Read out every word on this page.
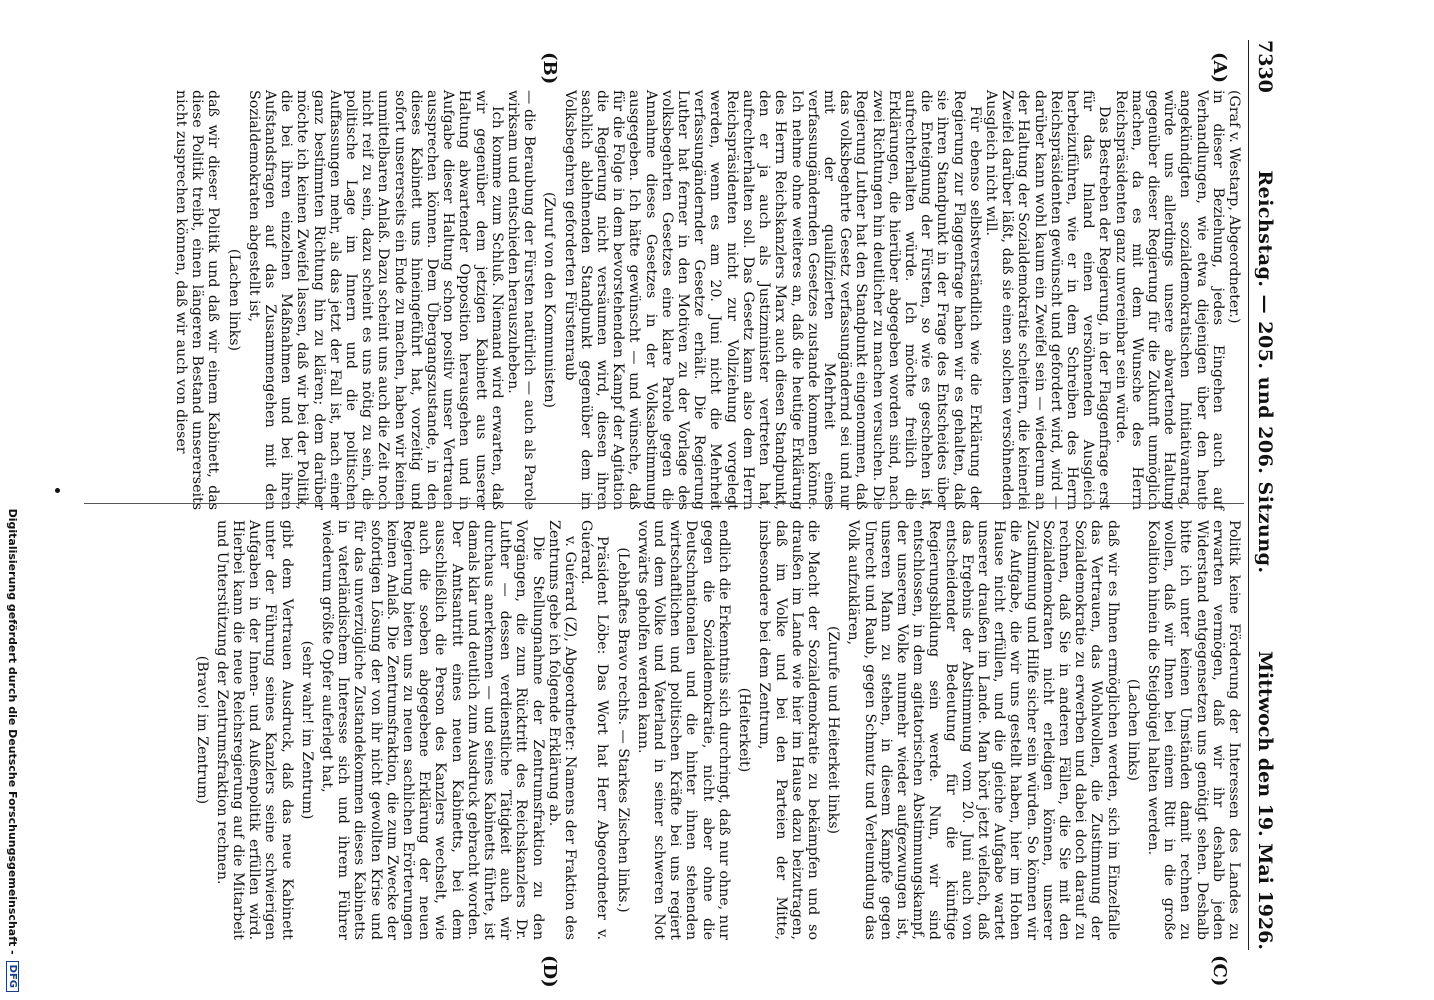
7330
Reichstag. — 205. und 206. Sitzung.
Mittwoch den 19. Mai 1926.
(A)
(B)
(C)
(D)

(Graf v. Westarp, Abgeordneter.)

in dieser Beziehung, jedes Eingehen auch auf Verhandlungen, wie etwa diejenigen über den heute angekündigten sozialdemokratischen Initiativantrag, würde uns allerdings unsere abwartende Haltung gegenüber dieser Regierung für die Zukunft unmöglich machen, da es mit dem Wunsche des Herrn Reichspräsidenten ganz unvereinbar sein würde.

Das Bestreben der Regierung, in der Flaggenfrage erst für das Inland einen versöhnenden Ausgleich herbeizuführen, wie er in dem Schreiben des Herrn Reichspräsidenten gewünscht und gefordert wird, wird — darüber kann wohl kaum ein Zweifel sein — wiederum an der Haltung der Sozialdemokratie scheitern, die keinerlei Zweifel darüber läßt, daß sie einen solchen versöhnenden Ausgleich nicht will.

Für ebenso selbstverständlich wie die Erklärung der Regierung zur Flaggenfrage haben wir es gehalten, daß sie ihren Standpunkt in der Frage des Entscheides über die Enteignung der Fürsten, so wie es geschehen ist, aufrechterhalten würde. Ich möchte freilich die Erklärungen, die hierüber abgegeben worden sind, nach zwei Richtungen hin deutlicher zu machen versuchen. Die Regierung Luther hat den Standpunkt eingenommen, daß das volksbegehrte Gesetz verfassungändernd sei und nur mit der qualifizierten Mehrheit eines verfassungändernden Gesetzes zustande kommen könne. Ich nehme ohne weiteres an, daß die heutige Erklärung des Herrn Reichskanzlers Marx auch diesen Standpunkt, den er ja auch als Justizminister vertreten hat, aufrechterhalten soll. Das Gesetz kann also dem Herrn Reichspräsidenten nicht zur Vollziehung vorgelegt werden, wenn es am 20. Juni nicht die Mehrheit verfassungändernder Gesetze erhält. Die Regierung Luther hat ferner in den Motiven zu der Vorlage des volksbegehrten Gesetzes eine klare Parole gegen die Annahme dieses Gesetzes in der Volksabstimmung ausgegeben. Ich hätte gewünscht — und wünsche, daß für die Folge in dem bevorstehenden Kampf der Agitation die Regierung nicht versäumen wird, diesen ihren sachlich ablehnenden Standpunkt gegenüber dem im Volksbegehren geforderten Fürstenraub

(Zuruf von den Kommunisten)

— die Beraubung der Fürsten natürlich — auch als Parole wirksam und entschieden herauszuheben.

Ich komme zum Schluß. Niemand wird erwarten, daß wir gegenüber dem jetzigen Kabinett aus unserer Haltung abwartender Opposition herausgehen und in Aufgabe dieser Haltung schon positiv unser Vertrauen aussprechen können. Dem Übergangszustande, in den dieses Kabinett uns hineingeführt hat, vorzeitig und sofort unsererseits ein Ende zu machen, haben wir keinen unmittelbaren Anlaß. Dazu scheint uns auch die Zeit noch nicht reif zu sein, dazu scheint es uns nötig zu sein, die politische Lage im Innern und die politischen Auffassungen mehr, als das jetzt der Fall ist, nach einer ganz bestimmten Richtung hin zu klären; dem darüber möchte ich keinen Zweifel lassen, daß wir bei der Politik, die bei ihren einzelnen Maßnahmen und bei ihren Aufstandsfragen auf das Zusammengehen mit den Sozialdemokraten abgestellt ist,

(Lachen links)

daß wir dieser Politik und daß wir einem Kabinett, das diese Politik treibt, einen längeren Bestand unsererseits nicht zusprechen können, daß wir auch von dieser

Politik keine Förderung der Interessen des Landes zu erwarten vermögen, daß wir ihr deshalb jeden Widerstand entgegensetzen uns genötigt sehen. Deshalb bitte ich unter keinen Umständen damit rechnen zu wollen, daß wir Ihnen bei einem Ritt in die große Koalition hinein die Steigbügel halten werden.

(Lachen links)

daß wir es Ihnen ermöglichen werden, sich im Einzelfalle das Vertrauen, das Wohlwollen, die Zustimmung der Sozialdemokratie zu erwerben und dabei doch darauf zu rechnen, daß Sie in anderen Fällen, die Sie mit den Sozialdemokraten nicht erledigen können, unserer Zustimmung und Hilfe sicher sein würden. So können wir die Aufgabe, die wir uns gestellt haben, hier im Hohen Hause nicht erfüllen, und die gleiche Aufgabe wartet unserer draußen im Lande. Man hört jetzt vielfach, daß das Ergebnis der Abstimmung vom 20. Juni auch von entscheidender Bedeutung für die künftige Regierungsbildung sein werde. Nun, wir sind entschlossen, in dem agitatorischen Abstimmungskampf, der unserem Volke nunmehr wieder aufgezwungen ist, unseren Mann zu stehen, in diesem Kampfe gegen Unrecht und Raub, gegen Schmutz und Verleumdung das Volk aufzuklären,

(Zurufe und Heiterkeit links)

die Macht der Sozialdemokratie zu bekämpfen und so draußen im Lande wie hier im Hause dazu beizutragen, daß im Volke und bei den Parteien der Mitte, insbesondere bei dem Zentrum,

(Heiterkeit)

endlich die Erkenntnis sich durchringt, daß nur ohne, nur gegen die Sozialdemokratie, nicht aber ohne die Deutschnationalen und die hinter ihnen stehenden wirtschaftlichen und politischen Kräfte bei uns regiert und dem Volke und Vaterland in seiner schweren Not vorwärts geholfen werden kann.

(Lebhaftes Bravo rechts. — Starkes Zischen links.)

Präsident Löbe: Das Wort hat Herr Abgeordneter v. Guérard.

v. Guérard (Z), Abgeordneter: Namens der Fraktion des Zentrums gebe ich folgende Erklärung ab.

Die Stellungnahme der Zentrumsfraktion zu den Vorgängen, die zum Rücktritt des Reichskanzlers Dr. Luther — dessen verdienstliche Tätigkeit auch wir durchaus anerkennen — und seines Kabinetts führte, ist damals klar und deutlich zum Ausdruck gebracht worden. Der Amtsantritt eines neuen Kabinetts, bei dem ausschließlich die Person des Kanzlers wechselt, wie auch die soeben abgegebene Erklärung der neuen Regierung bieten uns zu neuen sachlichen Erörterungen keinen Anlaß. Die Zentrumsfraktion, die zum Zwecke der sofortigen Lösung der von ihr nicht gewollten Krise und für das unverzügliche Zustandekommen dieses Kabinetts in vaterländischem Interesse sich und ihrem Führer wiederum größte Opfer auferlegt hat,

(sehr wahr! im Zentrum)

gibt dem Vertrauen Ausdruck, daß das neue Kabinett unter der Führung seines Kanzlers seine schwierigen Aufgaben in der Innen- und Außenpolitik erfüllen wird. Hierbei kann die neue Reichsregierung auf die Mitarbeit und Unterstützung der Zentrumsfraktion rechnen.

(Bravo! im Zentrum)

Digitalisierung gefördert durch die Deutsche Forschungsgemeinschaft -
DFG
